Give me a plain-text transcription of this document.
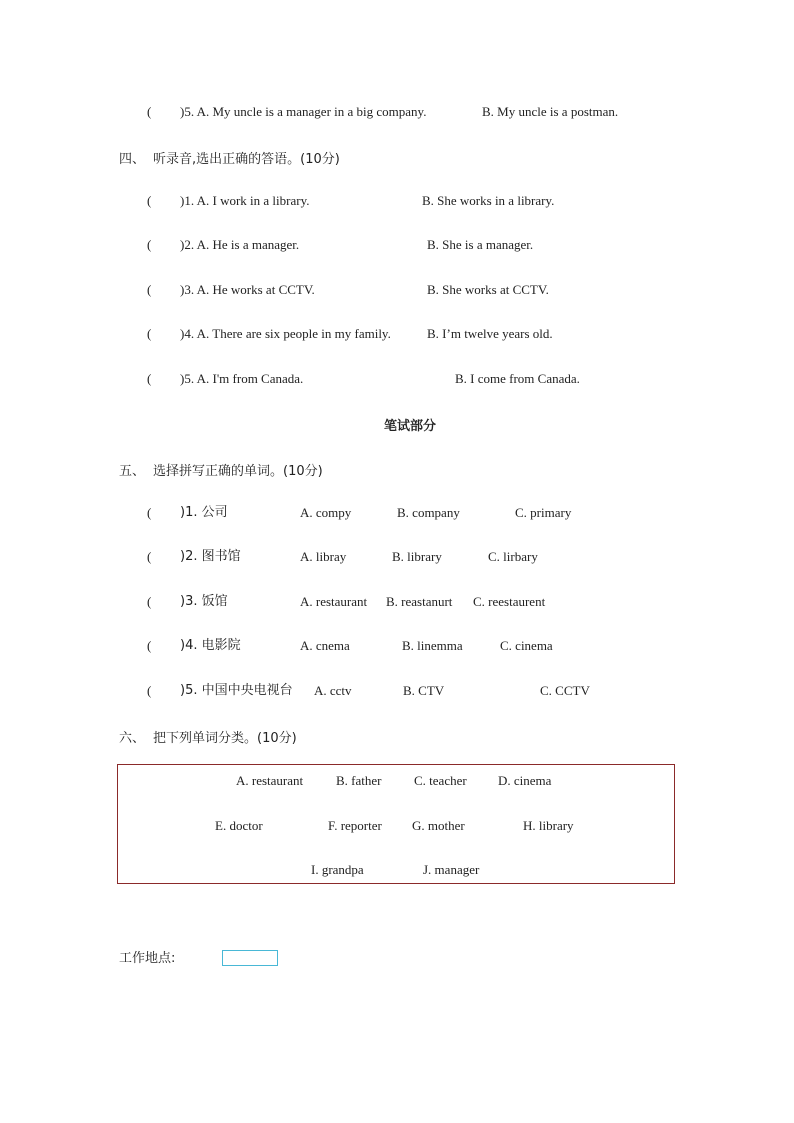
( )5. A. My uncle is a manager in a big company.	B. My uncle is a postman.
四、 听录音,选出正确的答语。(10分)
( )1. A. I work in a library.	B. She works in a library.
( )2. A. He is a manager.	B. She is a manager.
( )3. A. He works at CCTV.	B. She works at CCTV.
( )4. A. There are six people in my family.	B. I’m twelve years old.
( )5. A. I'm from Canada.	B. I come from Canada.
笔试部分
五、 选择拼写正确的单词。(10分)
( )1. 公司	A. compy	B. company	C. primary
( )2. 图书馆	A. libray	B. library	C. lirbary
( )3. 饭馆	A. restaurant B. reastanurt C. reestaurent
( )4. 电影院	A. cnema	B. linemma	C. cinema
( )5. 中国中央电视台 A. cctv	B. CTV	C. CCTV
六、 把下列单词分类。(10分)
A. restaurant	B. father	C. teacher D. cinema
E. doctor	F. reporter G. mother	H. library
I. grandpa	J. manager
工作地点:
